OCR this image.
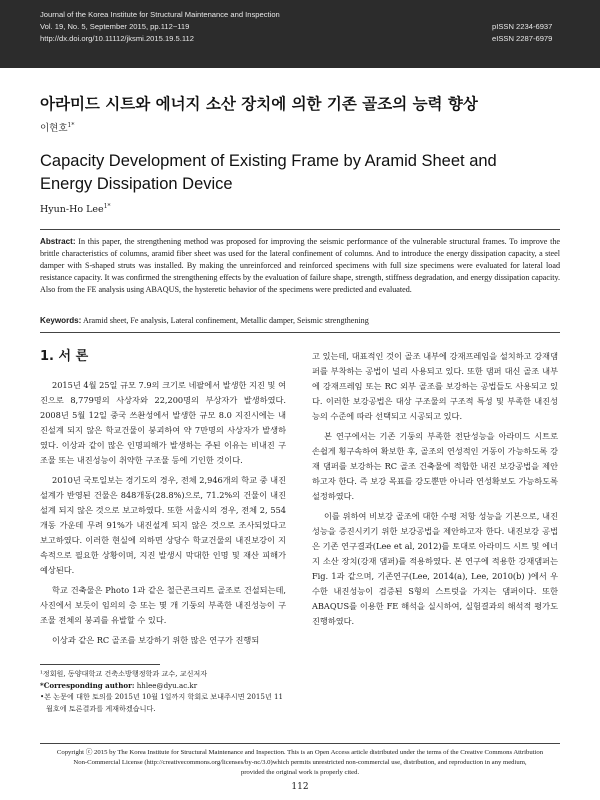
Journal of the Korea Institute for Structural Maintenance and Inspection
Vol. 19, No. 5, September 2015, pp.112~119
http://dx.doi.org/10.11112/jksmi.2015.19.5.112
pISSN 2234-6937
eISSN 2287-6979
아라미드 시트와 에너지 소산 장치에 의한 기존 골조의 능력 향상
이현호$^{1*}$
Capacity Development of Existing Frame by Aramid Sheet and
Energy Dissipation Device
Hyun-Ho Lee$^{1*}$
Abstract: In this paper, the strengthening method was proposed for improving the seismic performance of the vulnerable structural frames. To improve the brittle characteristics of columns, aramid fiber sheet was used for the lateral confinement of columns. And to introduce the energy dissipation capacity, a steel damper with S-shaped struts was installed. By making the unreinforced and reinforced specimens with full size specimens were evaluated for lateral load resistance capacity. It was confirmed the strengthening effects by the evaluation of failure shape, strength, stiffness degradation, and energy dissipation capacity. Also from the FE analysis using ABAQUS, the hysteretic behavior of the specimens were predicted and evaluated.
Keywords: Aramid sheet, Fe analysis, Lateral confinement, Metallic damper, Seismic strengthening
1. 서 론

2015년 4월 25일 규모 7.9의 크기로 네팔에서 발생한 지진 및 여진으로 8,779명의 사상자와 22,200명의 부상자가 발생하였다. 2008년 5월 12일 중국 쓰촨성에서 발생한 규모 8.0 지진시에는 내진설계 되지 않은 학교건물이 붕괴하여 약 7만명의 사상자가 발생하였다. 이상과 같이 많은 인명피해가 발생하는 주된 이유는 비내진 구조물 또는 내진성능이 취약한 구조물 등에 기인한 것이다.

2010년 국토일보는 경기도의 경우, 전체 2,946개의 학교 중 내진설계가 반영된 건물은 848개동(28.8%)으로, 71.2%의 건물이 내진설계 되지 않은 것으로 보고하였다. 또한 서울시의 경우, 전체 2, 554개동 가운데 무려 91%가 내진설계 되지 않은 것으로 조사되었다고 보고하였다. 이러한 현실에 의하면 상당수 학교건물의 내진보강이 지속적으로 필요한 상황이며, 지진 발생시 막대한 인명 및 재산 피해가 예상된다.

학교 건축물은 Photo 1과 같은 철근콘크리트 골조로 건설되는데, 사진에서 보듯이 임의의 층 또는 몇 개 기둥의 부족한 내진성능이 구조물 전체의 붕괴를 유발할 수 있다.

이상과 같은 RC 골조를 보강하기 위한 많은 연구가 진행되

고 있는데, 대표적인 것이 골조 내부에 강재프레임을 설치하고 강재댐퍼를 부착하는 공법이 널리 사용되고 있다. 또한 댐퍼 대신 골조 내부에 강재프레임 또는 RC 외부 골조를 보강하는 공법들도 사용되고 있다. 이러한 보강공법은 대상 구조물의 구조적 특성 및 부족한 내진성능의 수준에 따라 선택되고 시공되고 있다.

본 연구에서는 기존 기둥의 부족한 전단성능을 아라미드 시트로 손쉽게 횡구속하여 확보한 후, 골조의 연성적인 거동이 가능하도록 강재 댐퍼를 보강하는 RC 골조 건축물에 적합한 내진 보강공법을 제안하고자 한다. 즉 보강 목표를 강도뿐만 아니라 연성확보도 가능하도록 설정하였다.

이를 위하여 비보강 골조에 대한 수평 저항 성능을 기본으로, 내진 성능을 증진시키기 위한 보강공법을 제안하고자 한다. 내진보강 공법은 기존 연구결과(Lee et al, 2012)를 토대로 아라미드 시트 및 에너지 소산 장치(강재 댐퍼)를 적용하였다. 본 연구에 적용한 강재댐퍼는 Fig. 1과 같으며, 기존연구(Lee, 2014(a), Lee, 2010(b) )에서 우수한 내진성능이 검증된 S형의 스트럿을 가지는 댐퍼이다. 또한 ABAQUS를 이용한 FE 해석을 실시하여, 실험결과의 해석적 평가도 진행하였다.

¹정회원, 동양대학교 건축소방행정학과 교수, 교신저자
*Corresponding author: hhlee@dyu.ac.kr
•본 논문에 대한 토의를 2015년 10월 1일까지 학회로 보내주시면 2015년 11
월호에 토론결과를 게재하겠습니다.
Copyright ⓒ 2015 by The Korea Institute for Structural Maintenance and Inspection. This is an Open Access article distributed under the terms of the Creative Commons Attribution
Non-Commercial License (http://creativecommons.org/licenses/by-nc/3.0)which permits unrestricted non-commercial use, distribution, and reproduction in any medium,
provided the original work is properly cited.
112
